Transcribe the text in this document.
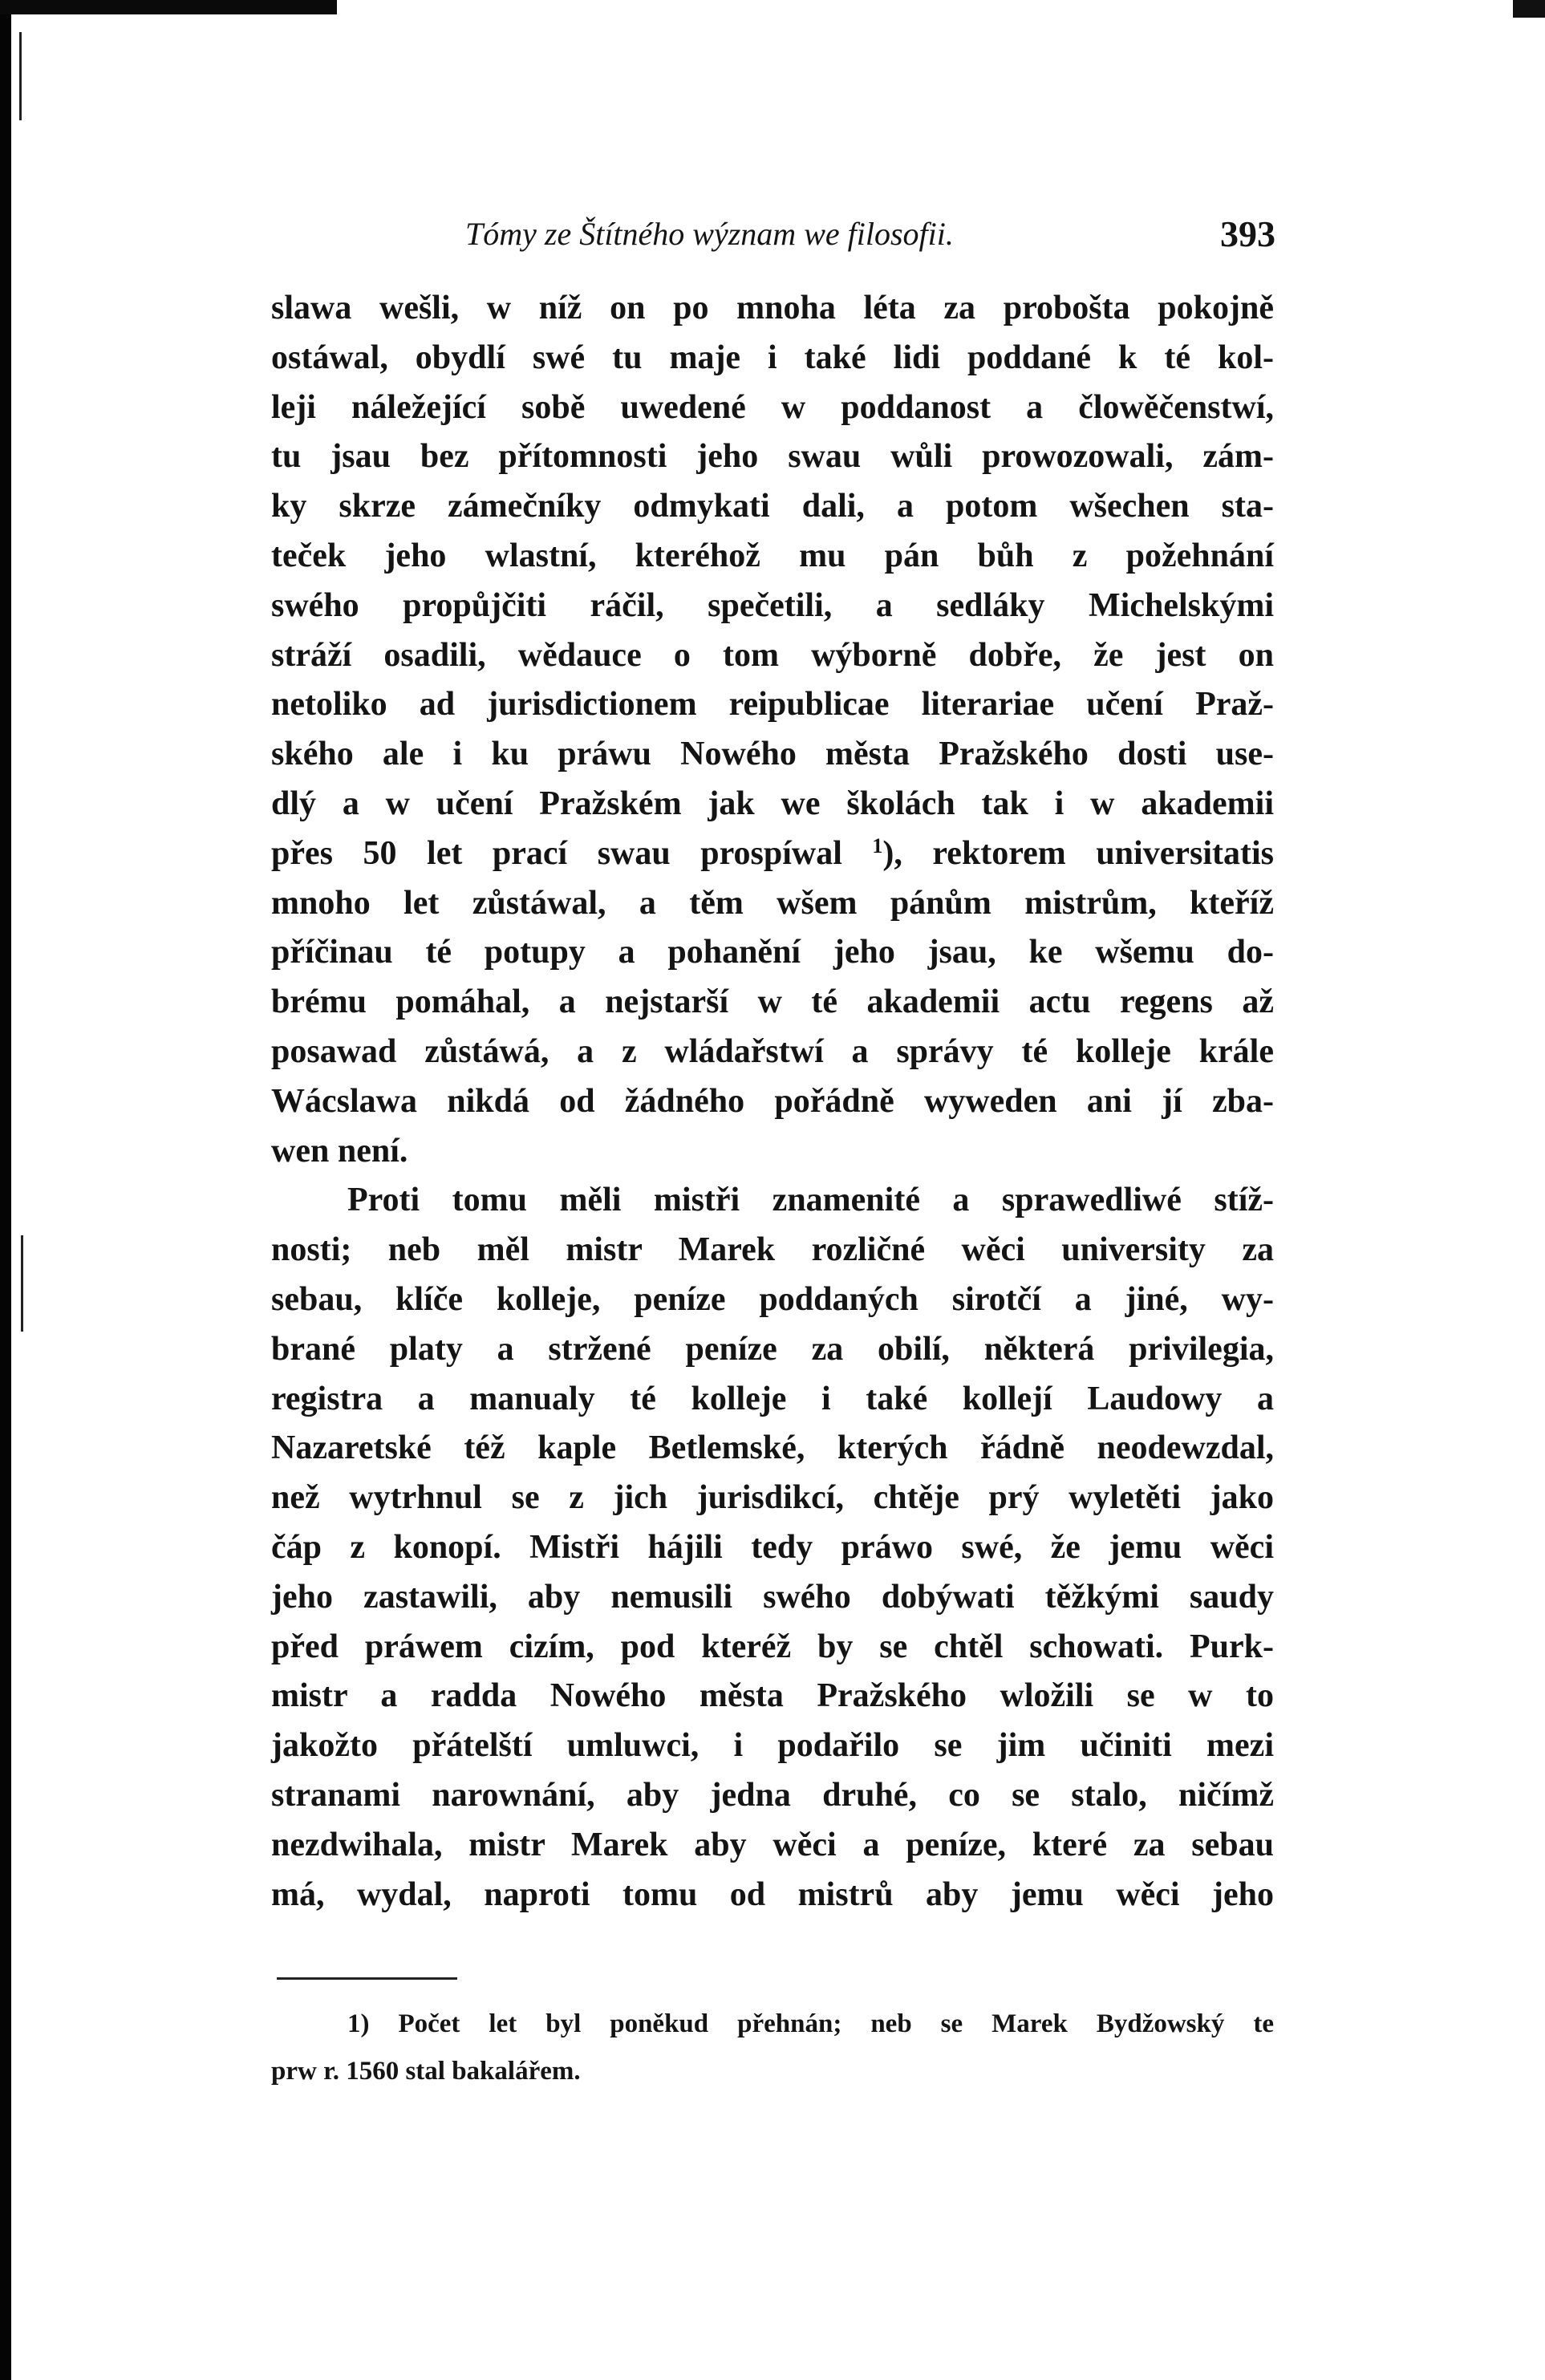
Tómy ze Štítného wýznam we filosofii.	393
slawa wešli, w níž on po mnoha léta za probošta pokojně
ostáwal, obydlí swé tu maje i také lidi poddané k té kol-
leji náležející sobě uwedené w poddanost a člowěčenstwí,
tu jsau bez přítomnosti jeho swau wůli prowozowali, zám-
ky skrze zámečníky odmykati dali, a potom wšechen sta-
teček jeho wlastní, kteréhož mu pán bůh z požehnání
swého propůjčiti ráčil, spečetili, a sedláky Michelskými
stráží osadili, wědauce o tom wýborně dobře, že jest on
netoliko ad jurisdictionem reipublicae literariae učení Praž-
ského ale i ku práwu Nowého města Pražského dosti use-
dlý a w učení Pražském jak we školách tak i w akademii
přes 50 let prací swau prospíwal $^1$), rektorem universitatis
mnoho let zůstáwal, a těm wšem pánům mistrům, kteříž
příčinau té potupy a pohanění jeho jsau, ke wšemu do-
brému pomáhal, a nejstarší w té akademii actu regens až
posawad zůstáwá, a z wládařstwí a správy té kolleje krále
Wácslawa nikdá od žádného pořádně wyweden ani jí zba-
wen není.
Proti tomu měli mistři znamenité a sprawedliwé stíž-
nosti; neb měl mistr Marek rozličné wěci university za
sebau, klíče kolleje, peníze poddaných sirotčí a jiné, wy-
brané platy a stržené peníze za obilí, některá privilegia,
registra a manualy té kolleje i také kollejí Laudowy a
Nazaretské též kaple Betlemské, kterých řádně neodewzdal,
než wytrhnul se z jich jurisdikcí, chtěje prý wyletěti jako
čáp z konopí. Mistři hájili tedy práwo swé, že jemu wěci
jeho zastawili, aby nemusili swého dobýwati těžkými saudy
před práwem cizím, pod kteréž by se chtěl schowati. Purk-
mistr a radda Nowého města Pražského wložili se w to
jakožto přátelští umluwci, i podařilo se jim učiniti mezi
stranami narownání, aby jedna druhé, co se stalo, ničímž
nezdwihala, mistr Marek aby wěci a peníze, které za sebau
má, wydal, naproti tomu od mistrů aby jemu wěci jeho
1) Počet let byl poněkud přehnán; neb se Marek Bydžowský te
prw r. 1560 stal bakalářem.
